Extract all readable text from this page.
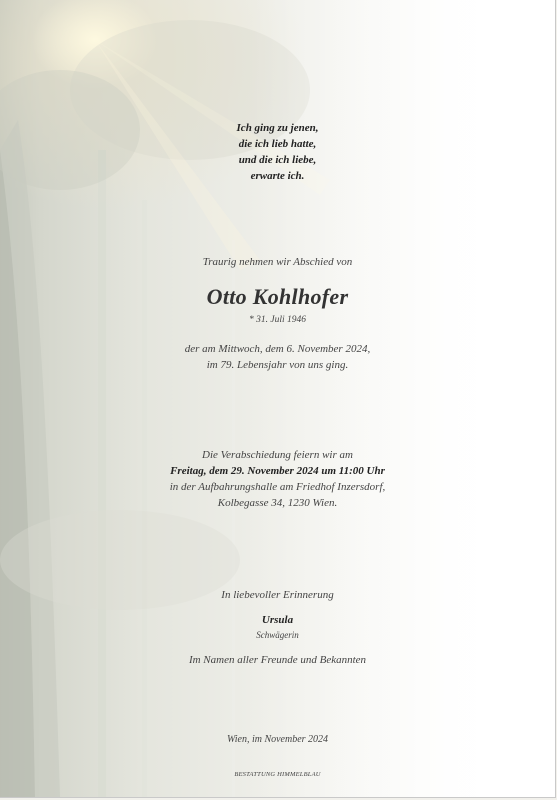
Ich ging zu jenen,
die ich lieb hatte,
und die ich liebe,
erwarte ich.
Traurig nehmen wir Abschied von
Otto Kohlhofer
* 31. Juli 1946
der am Mittwoch, dem 6. November 2024,
im 79. Lebensjahr von uns ging.
Die Verabschiedung feiern wir am
Freitag, dem 29. November 2024 um 11:00 Uhr
in der Aufbahrungshalle am Friedhof Inzersdorf,
Kolbegasse 34, 1230 Wien.
In liebevoller Erinnerung
Ursula
Schwägerin
Im Namen aller Freunde und Bekannten
Wien, im November 2024
BESTATTUNG HIMMELBLAU
